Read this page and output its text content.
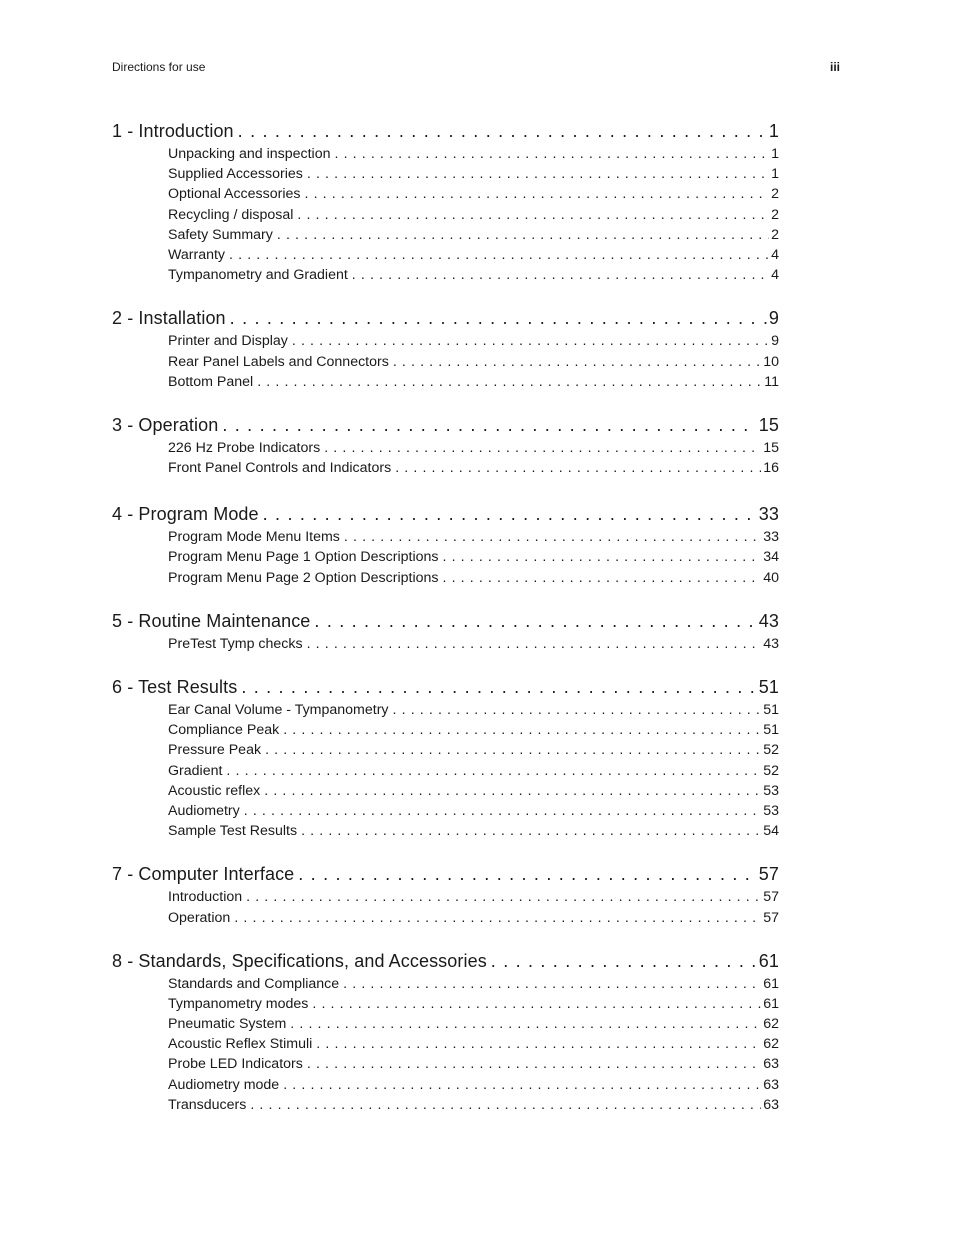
Directions for use	iii
1 - Introduction . . .	1
Unpacking and inspection . . .	1
Supplied Accessories . . .	1
Optional Accessories . . .	2
Recycling / disposal . . .	2
Safety Summary . . .	2
Warranty . . .	4
Tympanometry and Gradient . . .	4
2 - Installation . . .	9
Printer and Display . . .	9
Rear Panel Labels and Connectors . . .	10
Bottom Panel . . .	11
3 - Operation . . .	15
226 Hz Probe Indicators . . .	15
Front Panel Controls and Indicators . . .	16
4 - Program Mode . . .	33
Program Mode Menu Items . . .	33
Program Menu Page 1 Option Descriptions . . .	34
Program Menu Page 2 Option Descriptions . . .	40
5 - Routine Maintenance . . .	43
PreTest Tymp checks . . .	43
6 - Test Results . . .	51
Ear Canal Volume - Tympanometry . . .	51
Compliance Peak . . .	51
Pressure Peak . . .	52
Gradient . . .	52
Acoustic reflex . . .	53
Audiometry . . .	53
Sample Test Results . . .	54
7 - Computer Interface . . .	57
Introduction . . .	57
Operation . . .	57
8 - Standards, Specifications, and Accessories . . .	61
Standards and Compliance . . .	61
Tympanometry modes . . .	61
Pneumatic System . . .	62
Acoustic Reflex Stimuli . . .	62
Probe LED Indicators . . .	63
Audiometry mode . . .	63
Transducers . . .	63
